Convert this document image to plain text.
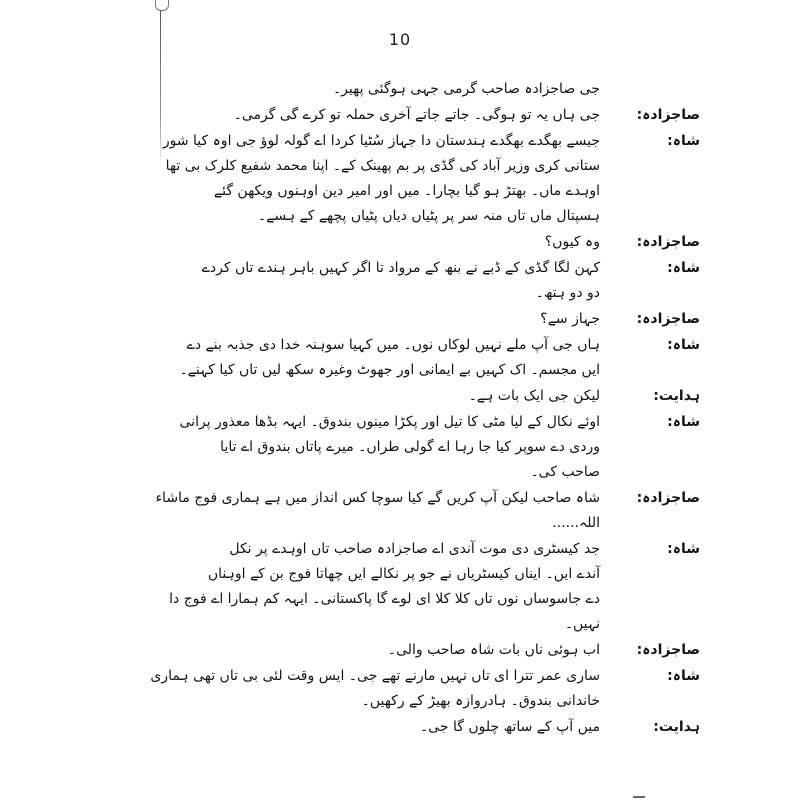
10
جی صاجزادہ صاحب گرمی جہی ہوگئی پھیر۔
صاجزادہ:
جی ہاں یہ تو ہوگی۔ جاتے جاتے آخری حملہ تو کرے گی گرمی۔
شاہ:
جیسے بھگدے بھگدے ہندستان دا جہاز سُٹیا کردا اے گولہ لوؤ جی اوہ کیا شور
ستانی کری وزیر آباد کی گڈی پر بم پھینک کے۔ اپنا محمد شفیع کلرک بی تھا
اوہدے ماں۔ بھتڑ ہو گیا بچارا۔ میں اور امیر دین اوہنوں ویکھن گئے
ہسپتال ماں تاں منہ سر پر پٹیاں دیاں پٹیاں پچھے کے ہسے۔
صاجزادہ:
وہ کیوں؟
شاہ:
کہن لگا گڈی کے ڈبے نے بنھ کے مرواد تا اگر کہیں باہر ہندے تاں کردے
دو دو ہتھ۔
صاجزادہ:
جہاز سے؟
شاہ:
ہاں جی آپ ملے نہیں لوکاں نوں۔ میں کہیا سوہنہ خدا دی جذبہ بنے دے
ایں مجسم۔ اک کہیں بے ایمانی اور جھوٹ وغیرہ سکھ لیں تاں کیا کہنے۔
ہدایت:
لیکن جی ایک بات ہے۔
شاہ:
اوئے نکال کے لیا مٹی کا تیل اور پکڑا مینوں بندوق۔ ایہہ بڈھا معذور پرانی
وردی دے سوپر کیا جا رہا اے گولی طراں۔ میرے پاتاں بندوق اے تایا
صاحب کی۔
صاجزادہ:
شاہ صاحب لیکن آپ کریں گے کیا سوچا کس انداز میں ہے ہماری فوج ماشاء
اللہ......
شاہ:
جد کیسٹری دی موت آندی اے صاجزادہ صاحب تاں اوہدے پر نکل
آندے ایں۔ ایناں کیسٹریاں نے جو پر نکالے ایں چھاتا فوج بن کے اوہناں
دے جاسوساں نوں تاں کلا کلا ای لوے گا پاکستانی۔ ایہہ کم ہمارا اے فوج دا
نہیں۔
صاجزادہ:
اب ہوئی ناں بات شاہ صاحب والی۔
شاہ:
ساری عمر تترا ای تاں نہیں مارنے تھے جی۔ ایس وقت لئی بی تاں تھی ہماری
خاندانی بندوق۔ ہادروازہ بھیڑ کے رکھیں۔
ہدایت:
میں آپ کے ساتھ چلوں گا جی۔
